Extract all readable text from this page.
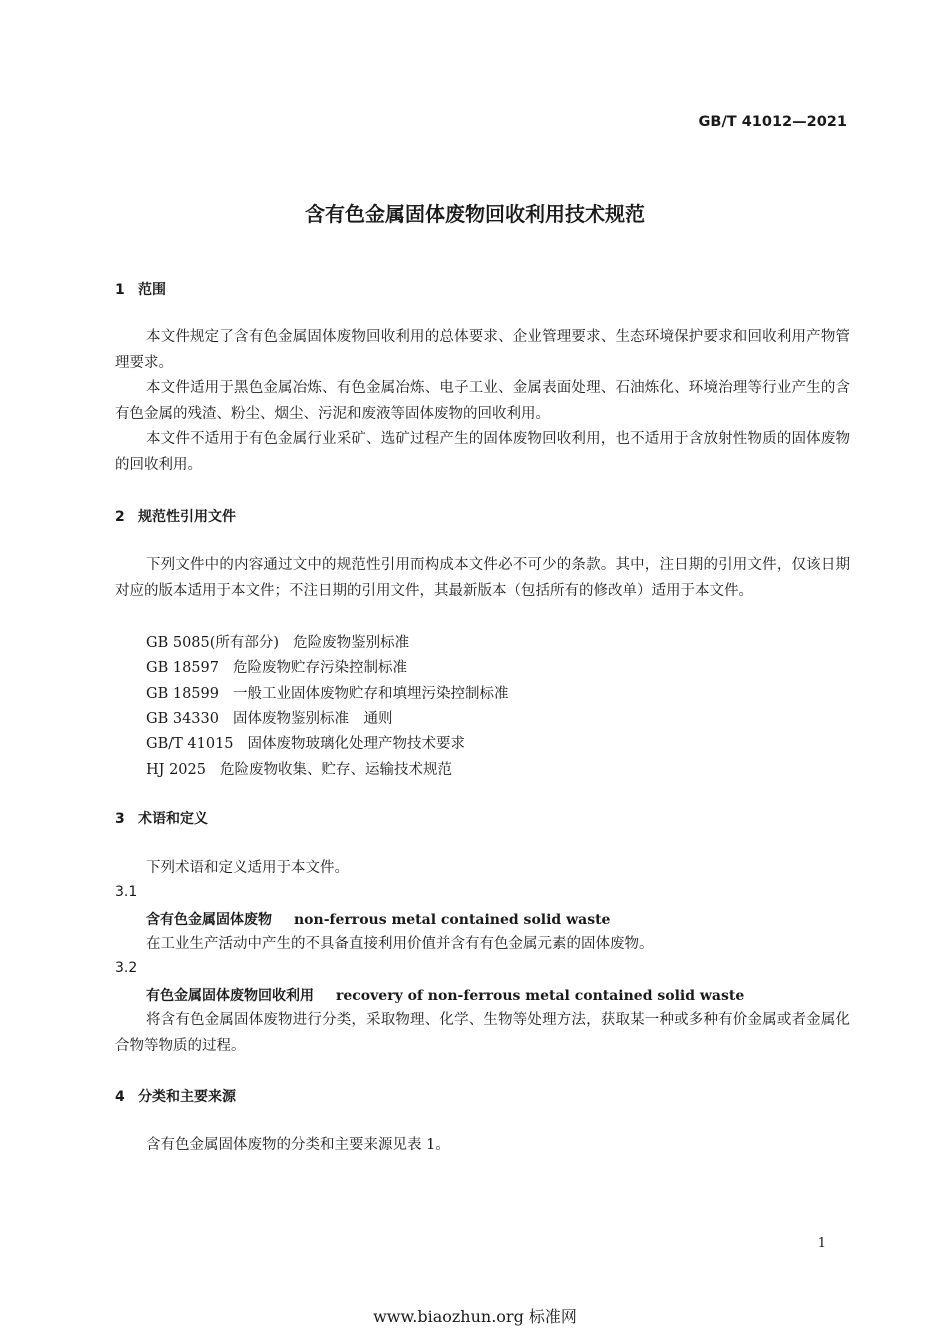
GB/T 41012—2021
含有色金属固体废物回收利用技术规范
1 范围
本文件规定了含有色金属固体废物回收利用的总体要求、企业管理要求、生态环境保护要求和回收利用产物管理要求。
本文件适用于黑色金属冶炼、有色金属冶炼、电子工业、金属表面处理、石油炼化、环境治理等行业产生的含有色金属的残渣、粉尘、烟尘、污泥和废液等固体废物的回收利用。
本文件不适用于有色金属行业采矿、选矿过程产生的固体废物回收利用，也不适用于含放射性物质的固体废物的回收利用。
2 规范性引用文件
下列文件中的内容通过文中的规范性引用而构成本文件必不可少的条款。其中，注日期的引用文件，仅该日期对应的版本适用于本文件；不注日期的引用文件，其最新版本（包括所有的修改单）适用于本文件。
GB 5085(所有部分) 危险废物鉴别标准
GB 18597 危险废物贮存污染控制标准
GB 18599 一般工业固体废物贮存和填埋污染控制标准
GB 34330 固体废物鉴别标准　通则
GB/T 41015 固体废物玻璃化处理产物技术要求
HJ 2025 危险废物收集、贮存、运输技术规范
3 术语和定义
下列术语和定义适用于本文件。
3.1
含有色金属固体废物 non-ferrous metal contained solid waste
在工业生产活动中产生的不具备直接利用价值并含有有色金属元素的固体废物。
3.2
有色金属固体废物回收利用 recovery of non-ferrous metal contained solid waste
将含有色金属固体废物进行分类，采取物理、化学、生物等处理方法，获取某一种或多种有价金属或者金属化合物等物质的过程。
4 分类和主要来源
含有色金属固体废物的分类和主要来源见表 1。
1
www.biaozhun.org 标准网
